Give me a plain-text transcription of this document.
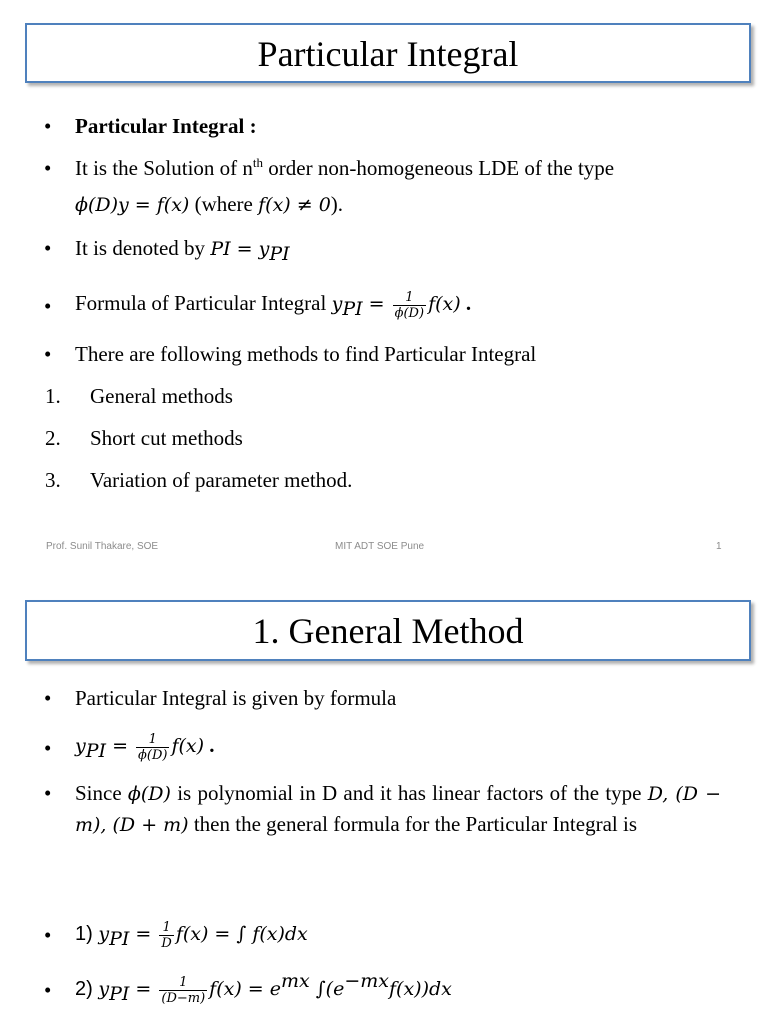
Particular Integral
• Particular Integral :
• It is the Solution of $n^{th}$ order non-homogeneous LDE of the type
ϕ(D)y = f(x) (where f(x) ≠ 0).
• It is denoted by PI = $y_{PI}$
• Formula of Particular Integral $y_{PI} = \frac{1}{\phi(D)} f(x)$ .
• There are following methods to find Particular Integral
1. General methods
2. Short cut methods
3. Variation of parameter method.
Prof. Sunil Thakare, SOE	MIT ADT SOE Pune	1
1. General Method
• Particular Integral is given by formula
• $y_{PI} = \frac{1}{\phi(D)} f(x)$ .
• Since ϕ(D) is polynomial in D and it has linear factors of the type D, (D − m), (D + m) then the general formula for the Particular Integral is
• 1) $y_{PI} = \frac{1}{D} f(x)$ = ∫ f(x)dx
• 2) $y_{PI} = \frac{1}{(D-m)} f(x) = e^{mx}$ $\int(e^{-mx}f(x))dx$
